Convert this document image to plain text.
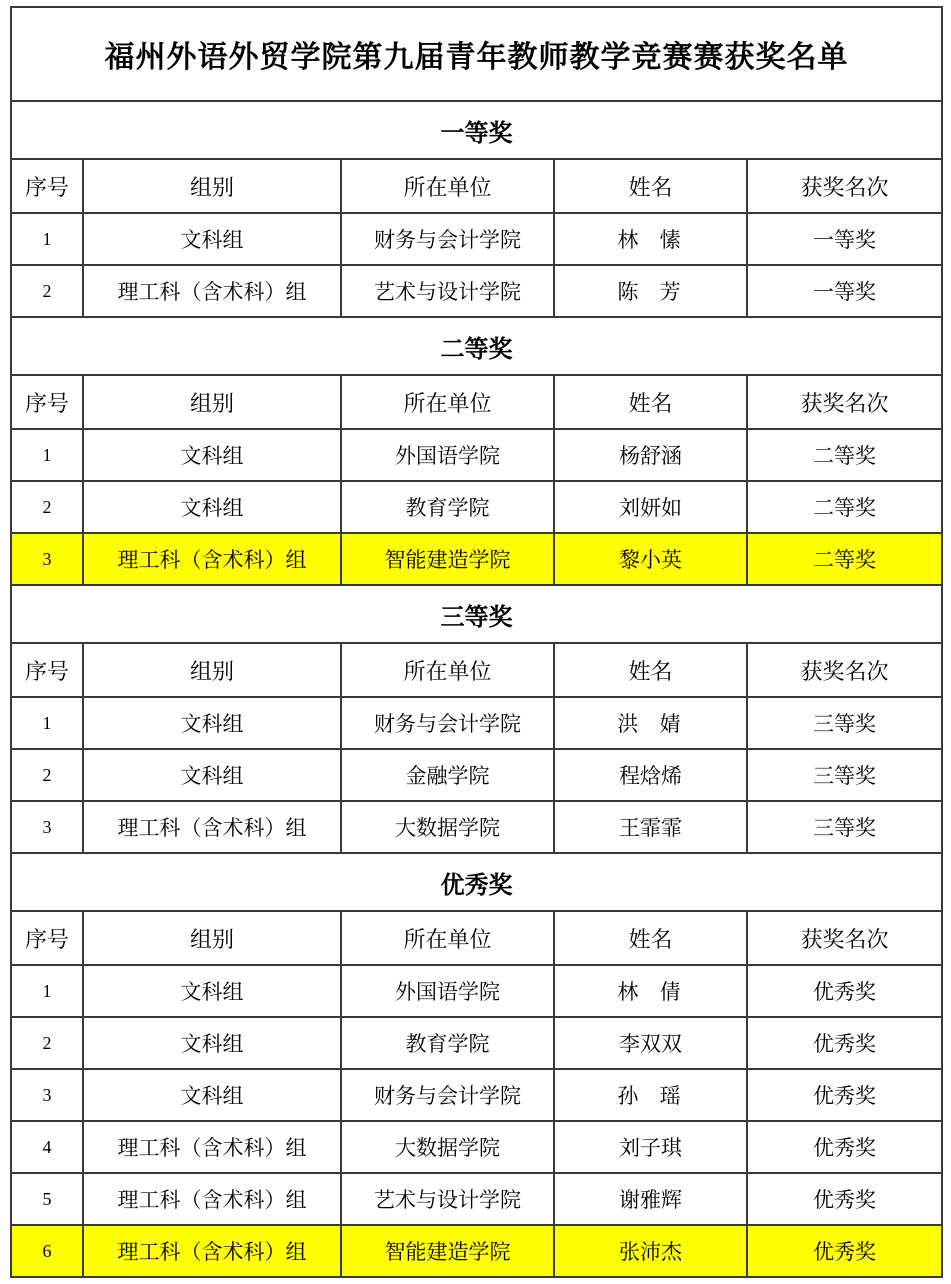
福州外语外贸学院第九届青年教师教学竞赛赛获奖名单				
一等奖				
序号	组别	所在单位	姓名	获奖名次
1	文科组	财务与会计学院	林 愫	一等奖
2	理工科（含术科）组	艺术与设计学院	陈 芳	一等奖
二等奖				
序号	组别	所在单位	姓名	获奖名次
1	文科组	外国语学院	杨舒涵	二等奖
2	文科组	教育学院	刘妍如	二等奖
3	理工科（含术科）组	智能建造学院	黎小英	二等奖
三等奖				
序号	组别	所在单位	姓名	获奖名次
1	文科组	财务与会计学院	洪 婧	三等奖
2	文科组	金融学院	程焓烯	三等奖
3	理工科（含术科）组	大数据学院	王霏霏	三等奖
优秀奖				
序号	组别	所在单位	姓名	获奖名次
1	文科组	外国语学院	林 倩	优秀奖
2	文科组	教育学院	李双双	优秀奖
3	文科组	财务与会计学院	孙 瑶	优秀奖
4	理工科（含术科）组	大数据学院	刘子琪	优秀奖
5	理工科（含术科）组	艺术与设计学院	谢雅辉	优秀奖
6	理工科（含术科）组	智能建造学院	张沛杰	优秀奖
